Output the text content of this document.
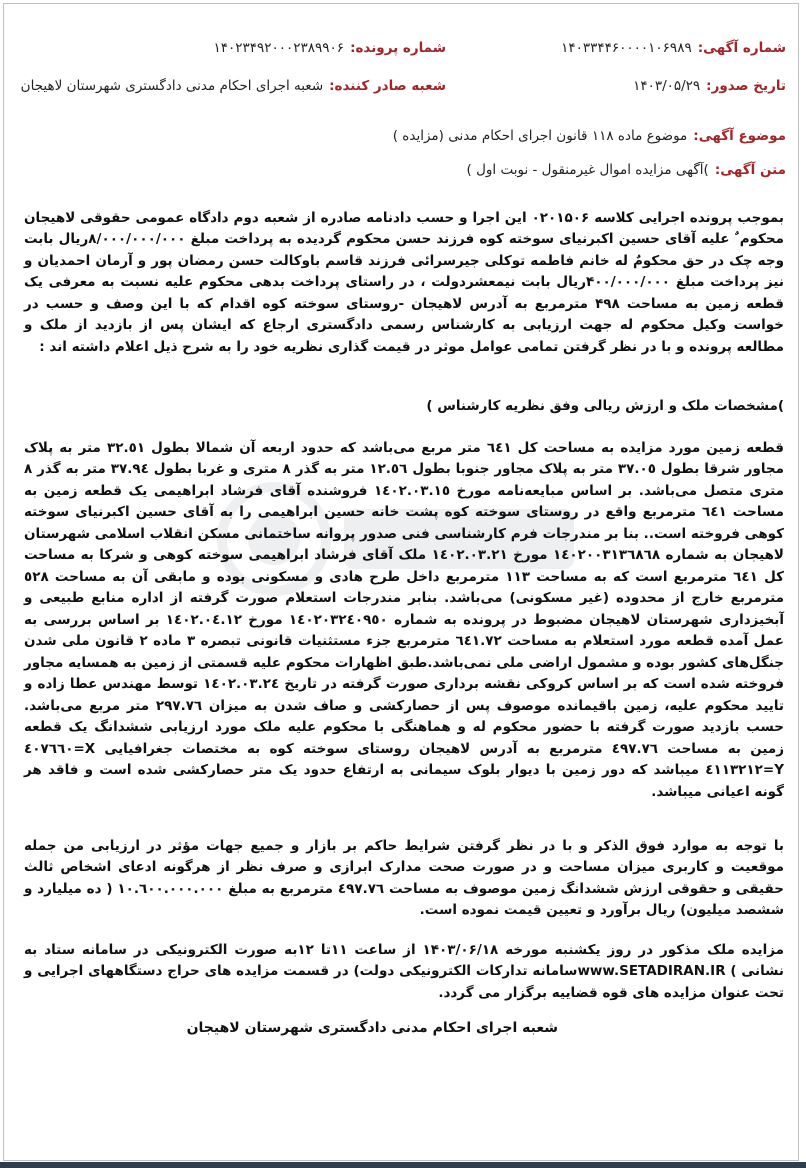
شماره آگهی:
۱۴۰۳۳۴۴۶۰۰۰۰۱۰۶۹۸۹
شماره پرونده:
۱۴۰۲۳۴۹۲۰۰۰۲۳۸۹۹۰۶
تاریخ صدور:
۱۴۰۳/۰۵/۲۹
شعبه صادر کننده:
شعبه اجرای احکام مدنی دادگستری شهرستان لاهیجان
موضوع آگهی:
موضوع ماده ۱۱۸ قانون اجرای احکام مدنی (مزایده )
متن آگهی:
)آگهی مزایده اموال غیرمنقول - نوبت اول )

بموجب پرونده اجرایی کلاسه ۰۲۰۱۵۰۶ این اجرا و حسب دادنامه صادره از شعبه دوم دادگاه عمومی حقوقی لاهیجان محکوم ٌ علیه آقای حسین اکبرنیای سوخته کوه فرزند حسن محکوم گردیده به پرداخت مبلغ ۸/۰۰۰/۰۰۰/۰۰۰ریال بابت وجه چک در حق محکومٌ له خانم فاطمه توکلی جیرسرائی فرزند قاسم باوکالت حسن رمضان پور و آرمان احمدیان و نیز پرداخت مبلغ ۴۰۰/۰۰۰/۰۰۰ریال بابت نیمعشردولت ، در راستای پرداخت بدهی محکوم علیه نسبت به معرفی یک قطعه زمین به مساحت ۴۹۸ مترمربع به آدرس لاهیجان -روستای سوخته کوه اقدام که با این وصف و حسب در خواست وکیل محکوم له جهت ارزیابی به کارشناس رسمی دادگستری ارجاع که ایشان پس از بازدید از ملک و مطالعه پرونده و با در نظر گرفتن تمامی عوامل موثر در قیمت گذاری نظریه خود را به شرح ذیل اعلام داشته اند :

)مشخصات ملک و ارزش ریالی وفق نظریه کارشناس )

قطعه زمین مورد مزایده به مساحت کل ٦٤١ متر مربع می‌باشد که حدود اربعه آن شمالا بطول ٣٢.٥١ متر به پلاک مجاور شرقا بطول ٣٧.٠٥ متر به پلاک مجاور جنوبا بطول ١٢.٥٦ متر به گذر ٨ متری و غربا بطول ٣٧.٩٤ متر به گذر ٨ متری متصل می‌باشد. بر اساس مبایعه‌نامه مورخ ١٤٠٢.٠٣.١٥ فروشنده آقای فرشاد ابراهیمی یک قطعه زمین به مساحت ٦٤١ مترمربع واقع در روستای سوخته کوه پشت خانه حسین ابراهیمی را به آقای حسین اکبرنیای سوخته کوهی فروخته است.. بنا بر مندرجات فرم کارشناسی فنی صدور پروانه ساختمانی مسکن انقلاب اسلامی شهرستان لاهیجان به شماره ١٤٠٢٠٠٣١٣٦٨٦٨ مورخ ١٤٠٢.٠٣.٢١ ملک آقای فرشاد ابراهیمی سوخته کوهی و شرکا به مساحت کل ٦٤١ مترمربع است که به مساحت ١١٣ مترمربع داخل طرح هادی و مسکونی بوده و مابقی آن به مساحت ٥٢٨ مترمربع خارج از محدوده (غیر مسکونی) می‌باشد. بنابر مندرجات استعلام صورت گرفته از اداره منابع طبیعی و آبخیزداری شهرستان لاهیجان مضبوط در پرونده به شماره ١٤٠٢٠٣٢٤٠٩٥٠ مورخ ١٤٠٢.٠٤.١٢ بر اساس بررسی به عمل آمده قطعه مورد استعلام به مساحت ٦٤١.٧٢ مترمربع جزء مستثنیات قانونی تبصره ٣ ماده ٢ قانون ملی شدن جنگل‌های کشور بوده و مشمول اراضی ملی نمی‌باشد.طبق اظهارات محکوم علیه قسمتی از زمین به همسایه مجاور فروخته شده است که بر اساس کروکی نقشه برداری صورت گرفته در تاریخ ١٤٠٢.٠٣.٢٤ توسط مهندس عطا زاده و تایید محکوم علیه، زمین باقیمانده موصوف پس از حصارکشی و صاف شدن به میزان ٢٩٧.٧٦ متر مربع می‌باشد. حسب بازدید صورت گرفته با حضور محکوم له و هماهنگی با محکوم علیه ملک مورد ارزیابی ششدانگ یک قطعه زمین به مساحت ٤٩٧.٧٦ مترمربع به آدرس لاهیجان روستای سوخته کوه به مختصات جغرافیایی X=٤٠٧٦٦٠ Y=٤١١٣٢١٢ میباشد که دور زمین با دیوار بلوک سیمانی به ارتفاع حدود یک متر حصارکشی شده است و فاقد هر گونه اعیانی میباشد.

با توجه به موارد فوق الذکر و با در نظر گرفتن شرایط حاکم بر بازار و جمیع جهات مؤثر در ارزیابی من جمله موقعیت و کاربری میزان مساحت و در صورت صحت مدارک ابرازی و صرف نظر از هرگونه ادعای اشخاص ثالث حقیقی و حقوقی ارزش ششدانگ زمین موصوف به مساحت ٤٩٧.٧٦ مترمربع به مبلغ ١٠.٦٠٠.٠٠٠.٠٠٠ ( ده میلیارد و ششصد میلیون) ریال برآورد و تعیین قیمت نموده است.

مزایده ملک مذکور در روز یکشنبه مورخه ۱۴۰۳/۰۶/۱۸ از ساعت ۱۱تا ۱۲به صورت الکترونیکی در سامانه ستاد به نشانی ) www.SETADIRAN.IRسامانه تدارکات الکترونیکی دولت) در قسمت مزایده های حراج دستگاههای اجرایی و تحت عنوان مزایده های قوه قضاییه برگزار می گردد.

شعبه اجرای احکام مدنی دادگستری شهرستان لاهیجان
